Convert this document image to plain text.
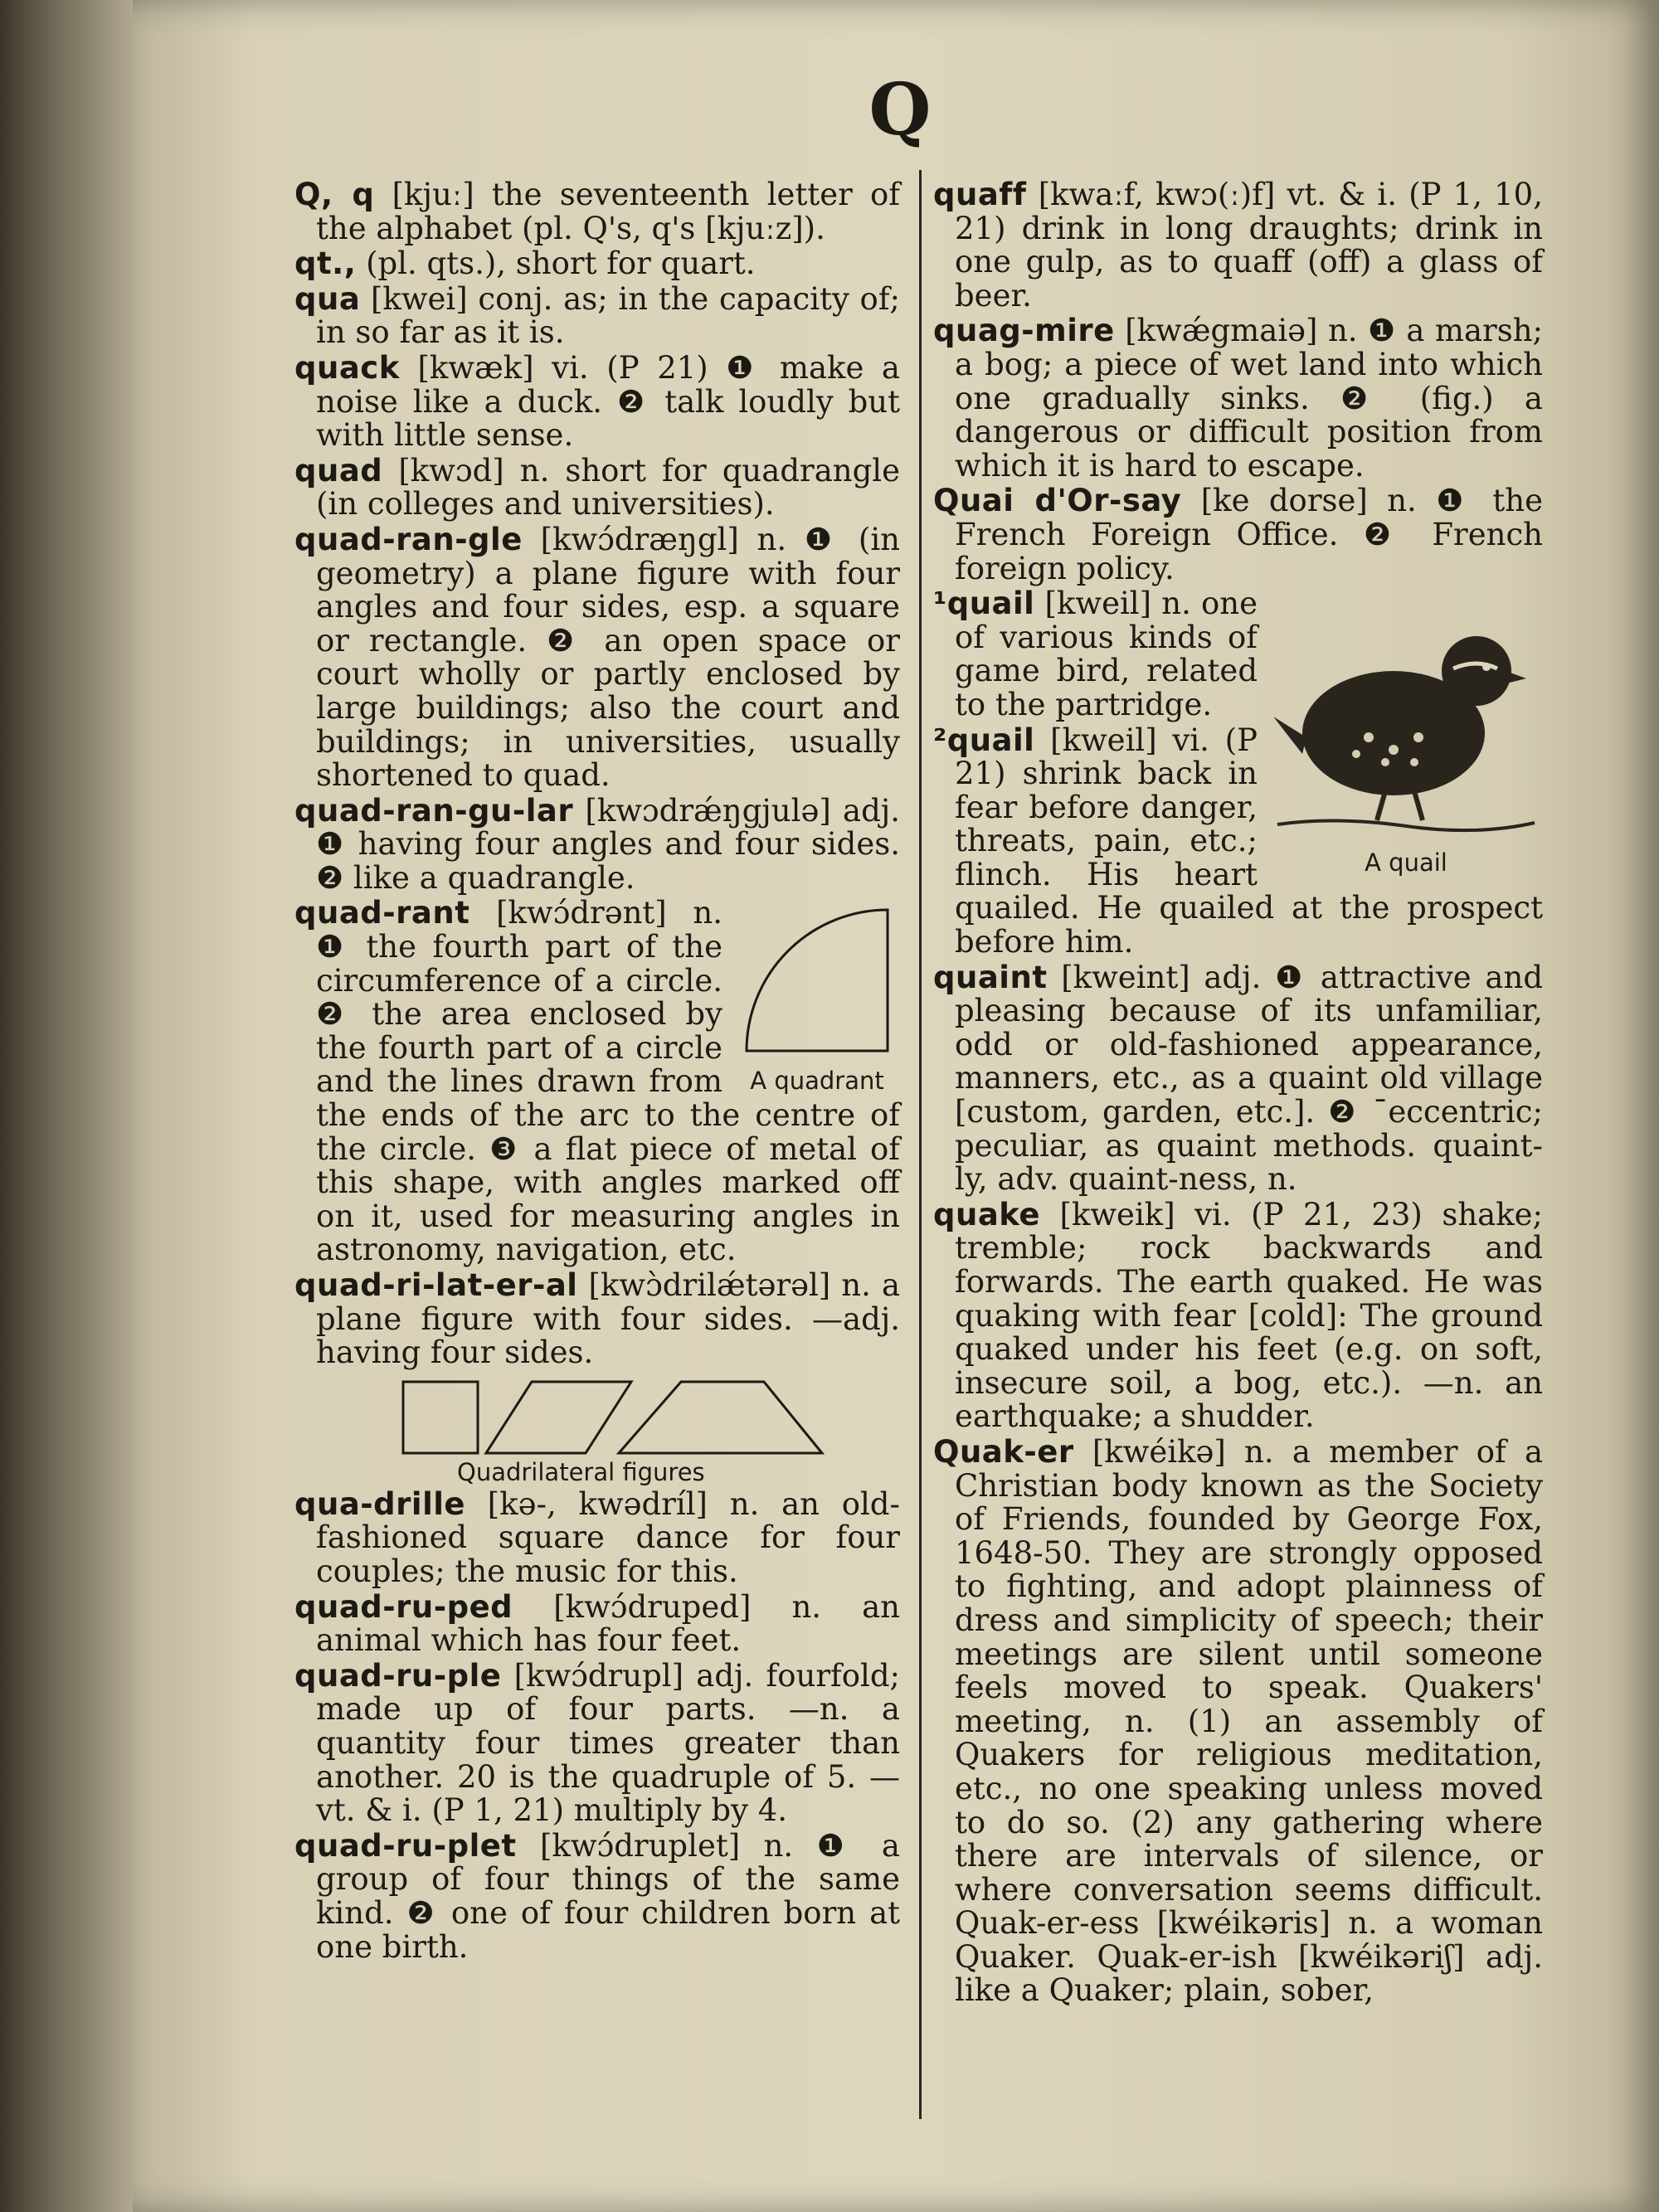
Q
Q, q [kjuː] the seventeenth letter of the alphabet (pl. Q's, q's [kjuːz]).
qt., (pl. qts.), short for quart.
qua [kwei] conj. as; in the capacity of; in so far as it is.
quack [kwæk] vi. (P 21) ❶ make a noise like a duck. ❷ talk loudly but with little sense.
quad [kwɔd] n. short for quadrangle (in colleges and universities).
quad-ran-gle [kwɔ́dræŋgl] n. ❶ (in geometry) a plane figure with four angles and four sides, esp. a square or rectangle. ❷ an open space or court wholly or partly enclosed by large buildings; also the court and buildings; in universities, usually shortened to quad.
quad-ran-gu-lar [kwɔdrǽŋgjulə] adj. ❶ having four angles and four sides. ❷ like a quadrangle.
A quadrant
quad-rant [kwɔ́drənt] n. ❶ the fourth part of the circumference of a circle. ❷ the area enclosed by the fourth part of a circle and the lines drawn from the ends of the arc to the centre of the circle. ❸ a flat piece of metal of this shape, with angles marked off on it, used for measuring angles in astronomy, navigation, etc.
quad-ri-lat-er-al [kwɔ̀drilǽtərəl] n. a plane figure with four sides. —adj. having four sides.
Quadrilateral figures
qua-drille [kə-, kwədríl] n. an old-fashioned square dance for four couples; the music for this.
quad-ru-ped [kwɔ́druped] n. an animal which has four feet.
quad-ru-ple [kwɔ́drupl] adj. fourfold; made up of four parts. —n. a quantity four times greater than another. 20 is the quadruple of 5. —vt. & i. (P 1, 21) multiply by 4.
quad-ru-plet [kwɔ́druplet] n. ❶ a group of four things of the same kind. ❷ one of four children born at one birth.
quaff [kwaːf, kwɔ(ː)f] vt. & i. (P 1, 10, 21) drink in long draughts; drink in one gulp, as to quaff (off) a glass of beer.
quag-mire [kwǽgmaiə] n. ❶ a marsh; a bog; a piece of wet land into which one gradually sinks. ❷ (fig.) a dangerous or difficult position from which it is hard to escape.
Quai d'Or-say [ke dorse] n. ❶ the French Foreign Office. ❷ French foreign policy.
A quail
¹quail [kweil] n. one of various kinds of game bird, related to the partridge.
²quail [kweil] vi. (P 21) shrink back in fear before danger, threats, pain, etc.; flinch. His heart quailed. He quailed at the prospect before him.
quaint [kweint] adj. ❶ attractive and pleasing because of its unfamiliar, odd or old-fashioned appearance, manners, etc., as a quaint old village [custom, garden, etc.]. ❷ ˉeccentric; peculiar, as quaint methods. quaint-ly, adv. quaint-ness, n.
quake [kweik] vi. (P 21, 23) shake; tremble; rock backwards and forwards. The earth quaked. He was quaking with fear [cold]: The ground quaked under his feet (e.g. on soft, insecure soil, a bog, etc.). —n. an earthquake; a shudder.
Quak-er [kwéikə] n. a member of a Christian body known as the Society of Friends, founded by George Fox, 1648-50. They are strongly opposed to fighting, and adopt plainness of dress and simplicity of speech; their meetings are silent until someone feels moved to speak. Quakers' meeting, n. (1) an assembly of Quakers for religious meditation, etc., no one speaking unless moved to do so. (2) any gathering where there are intervals of silence, or where conversation seems difficult. Quak-er-ess [kwéikəris] n. a woman Quaker. Quak-er-ish [kwéikəriʃ] adj. like a Quaker; plain, sober,
